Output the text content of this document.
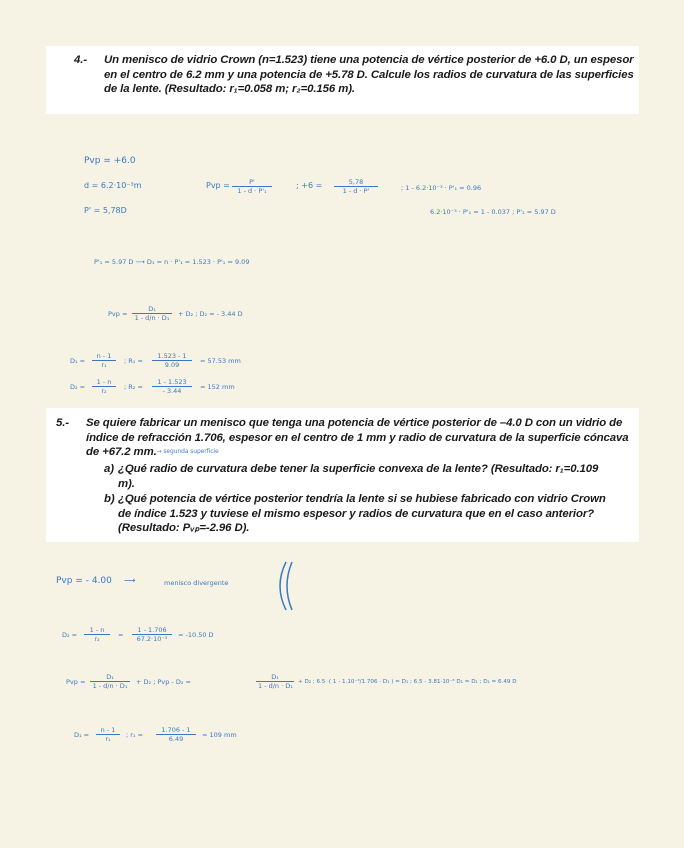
4.- Un menisco de vidrio Crown (n=1.523) tiene una potencia de vértice posterior de +6.0 D, un espesor en el centro de 6.2 mm y una potencia de +5.78 D. Calcule los radios de curvatura de las superficies de la lente. (Resultado: r₁=0.058 m; r₂=0.156 m).
Pvp = +6.0
d = 6.2·10⁻³m
P' = 5,78D
Pvp = $\frac{P'}{\text{1 - d · P'₁}}$	; $+6 = \frac{5,78}{1 - d \cdot P'}$	; 1 - 6.2·10⁻³ · P'₁ = 0.96
6.2·10⁻³ · P'₁ = 1 - 0.037 ; P'₁ = 5.97 D
P'₁ = 5.97 D ⟶ D₁ = n · P'₁ = 1.523 · P'₁ = 9.09
Pvp = $\frac{\text{D₁}}{\text{1 - d/n · D₁}} + D_2$ ; D₂ = - 3.44 D
$D_1 = \frac{n - 1}{\text{r₁}}$ ; $R_1 = \frac{1.523 - 1}{9.09} = 57.53$ mm
$D_2 = \frac{1 - n}{\text{r₂}}$ ; $R_2 = \frac{1 - 1.523}{- 3.44} = 152$ mm
5.- Se quiere fabricar un menisco que tenga una potencia de vértice posterior de –4.0 D con un vidrio de índice de refracción 1.706, espesor en el centro de 1 mm y radio de curvatura de la superficie cóncava de +67.2 mm. → segunda superficie
a) ¿Qué radio de curvatura debe tener la superficie convexa de la lente? (Resultado: r₁=0.109 m).
b) ¿Qué potencia de vértice posterior tendría la lente si se hubiese fabricado con vidrio Crown de índice 1.523 y tuviese el mismo espesor y radios de curvatura que en el caso anterior? (Resultado: Pᵥₚ=-2.96 D).
Pvp = - 4.00 ⟶	menisco divergente
$D_2 = \frac{1 - n}{\text{r₂}} = \frac{1 - 1.706}{\text{67.2·10⁻³}} = -10.50$ D
Pvp = $\frac{\text{D₁}}{\text{1 - d/n · D₁}} + D_2$ ; Pvp - D₂ =	$\frac{\text{D₁}}{\text{1 - d/n · D₁}} + D_2$ ; 6.5 ·( 1 - 1.10⁻³/1.706 · D₁ ) = D₁ ; 6.5 - 3.81·10⁻³ D₁ = D₁ ; D₁ = 6.49 D
$D_1 = \frac{n - 1}{\text{r₁}}$ ; $r_1 = \frac{1.706 - 1}{6.49} = 109$ mm
